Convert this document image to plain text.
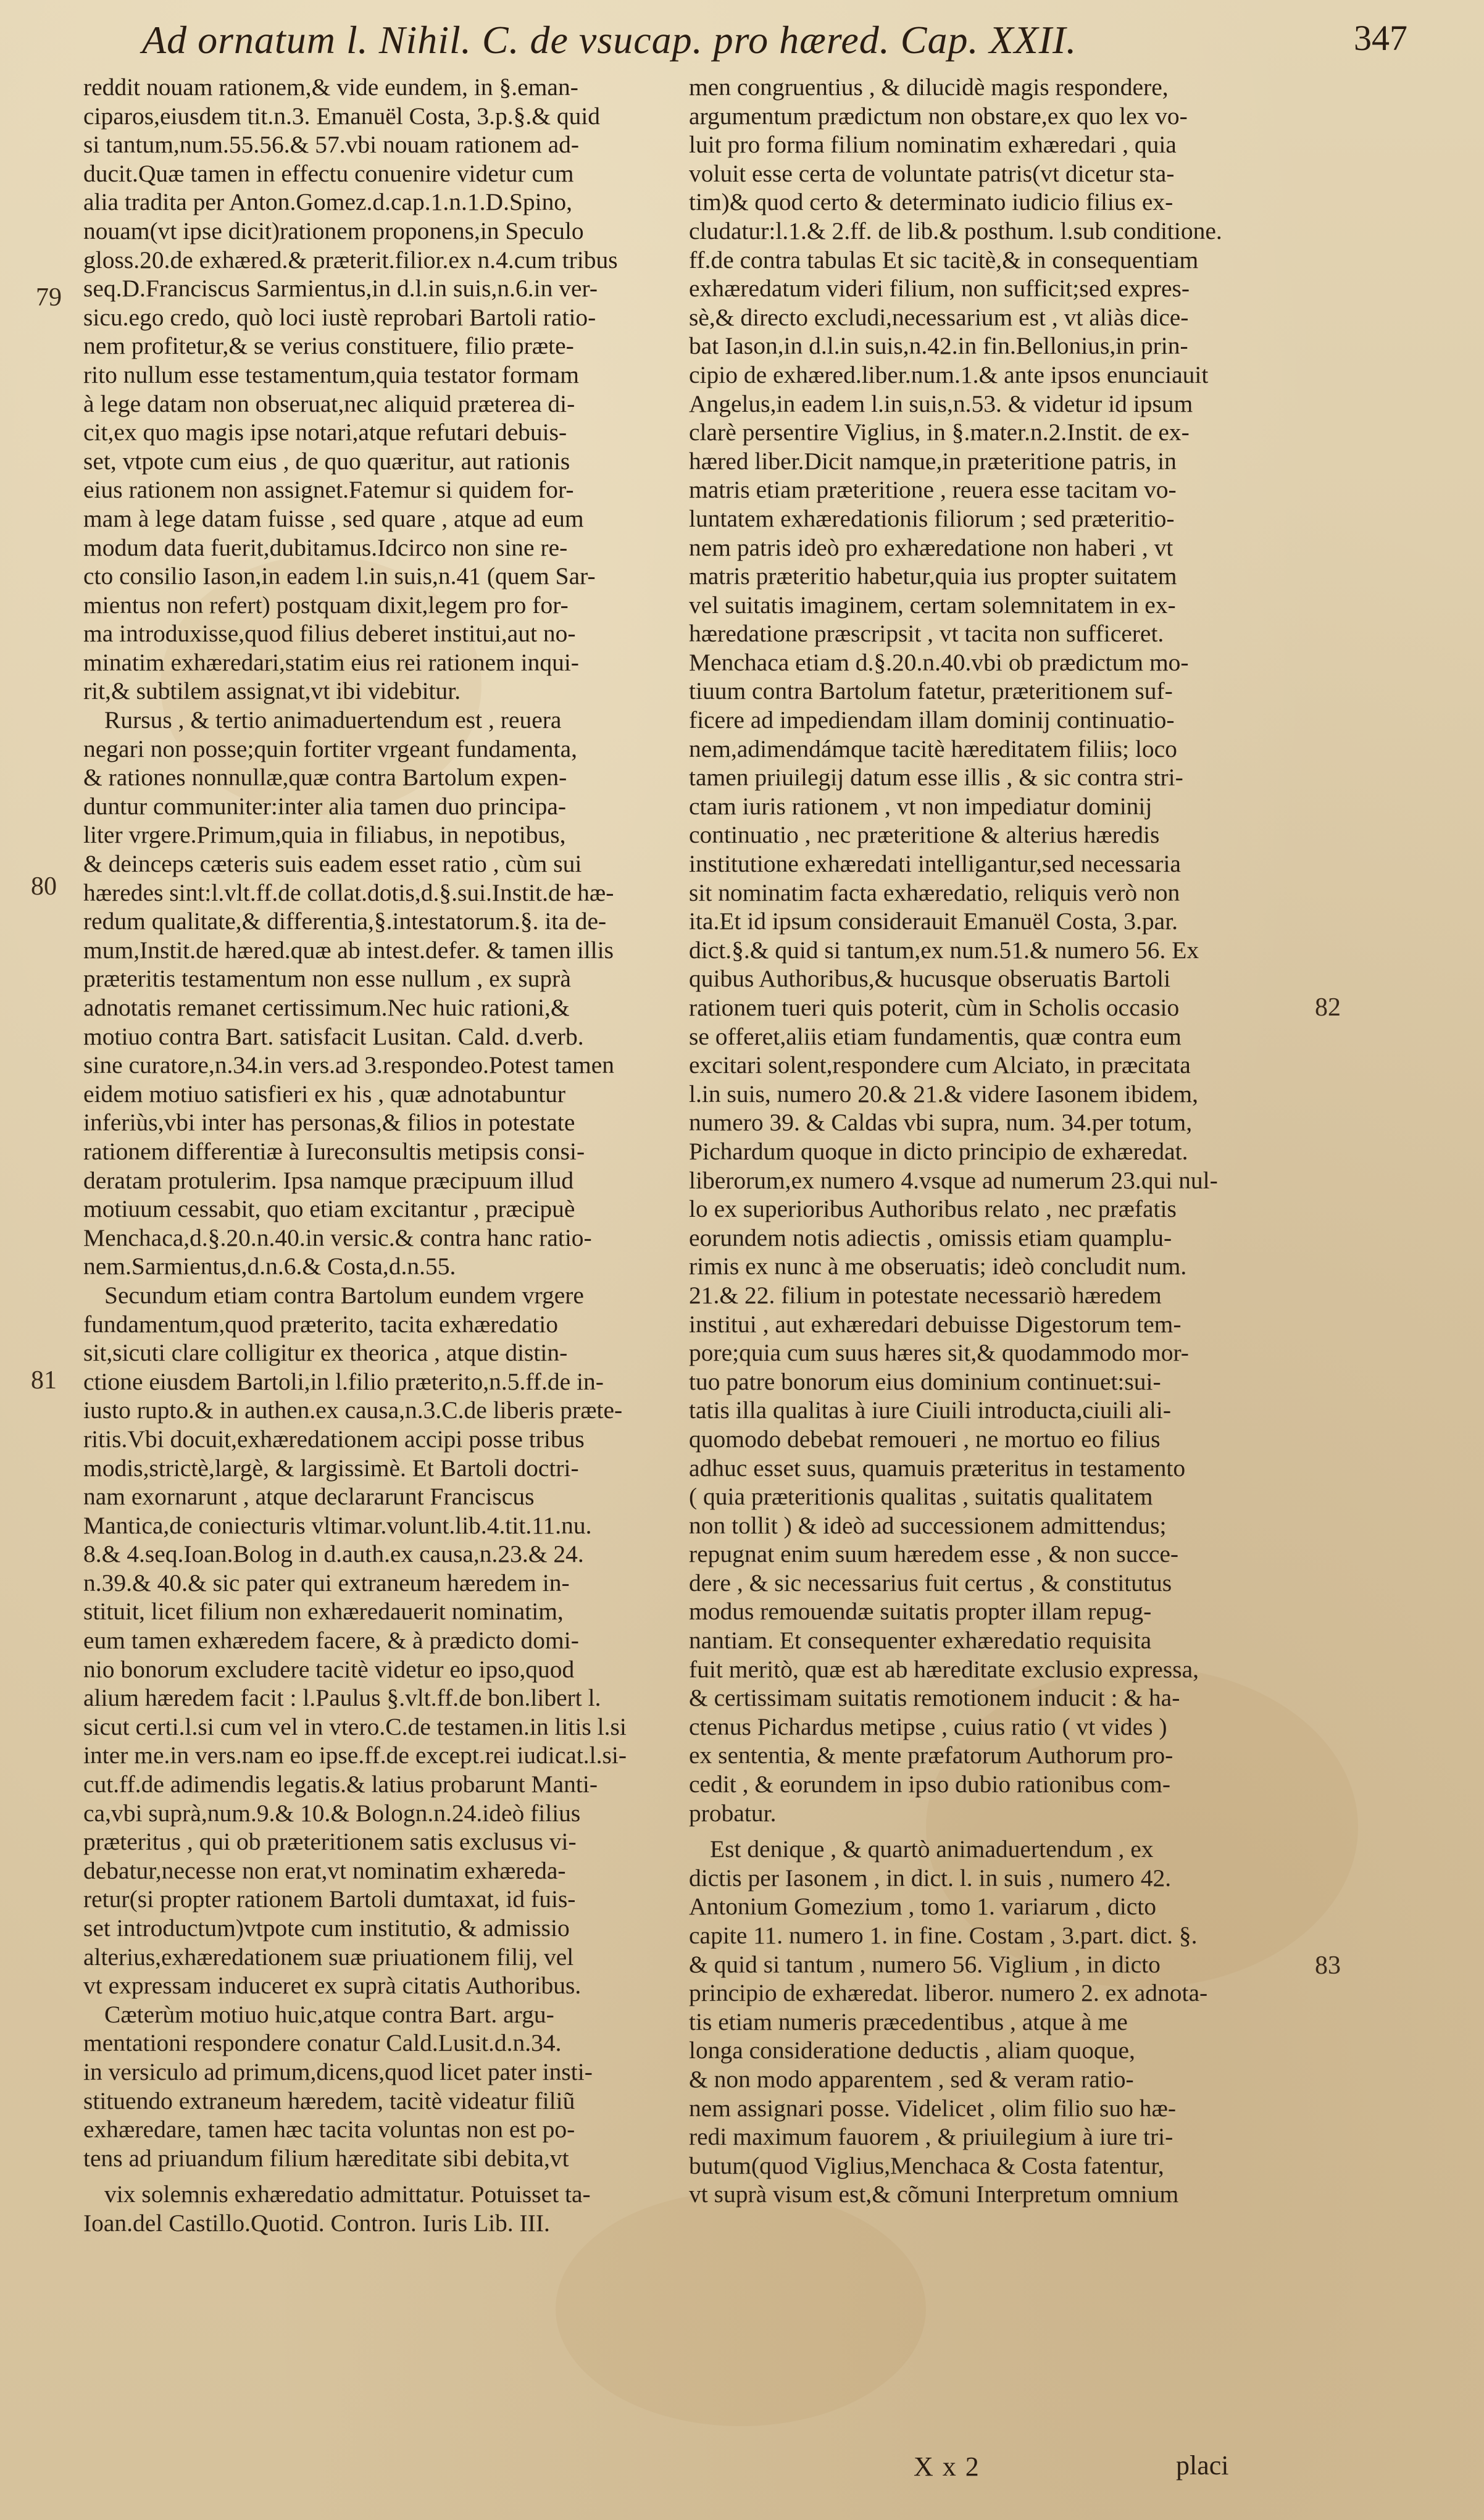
Ad ornatum l. Nihil. C. de vsucap. pro hæred. Cap. XXII.	347
79
80
81
82
83
reddit nouam rationem,& vide eundem, in §.eman-
ciparos,eiusdem tit.n.3. Emanuël Costa, 3.p.§.& quid
si tantum,num.55.56.& 57.vbi nouam rationem ad-
ducit.Quæ tamen in effectu conuenire videtur cum
alia tradita per Anton.Gomez.d.cap.1.n.1.D.Spino,
nouam(vt ipse dicit)rationem proponens,in Speculo
gloss.20.de exhæred.& præterit.filior.ex n.4.cum tribus
seq.D.Franciscus Sarmientus,in d.l.in suis,n.6.in ver-
sicu.ego credo, quò loci iustè reprobari Bartoli ratio-
nem profitetur,& se verius constituere, filio præte-
rito nullum esse testamentum,quia testator formam
à lege datam non obseruat,nec aliquid præterea di-
cit,ex quo magis ipse notari,atque refutari debuis-
set, vtpote cum eius , de quo quæritur, aut rationis
eius rationem non assignet.Fatemur si quidem for-
mam à lege datam fuisse , sed quare , atque ad eum
modum data fuerit,dubitamus.Idcirco non sine re-
cto consilio Iason,in eadem l.in suis,n.41 (quem Sar-
mientus non refert) postquam dixit,legem pro for-
ma introduxisse,quod filius deberet institui,aut no-
minatim exhæredari,statim eius rei rationem inqui-
rit,& subtilem assignat,vt ibi videbitur.
Rursus , & tertio animaduertendum est , reuera
negari non posse;quin fortiter vrgeant fundamenta,
& rationes nonnullæ,quæ contra Bartolum expen-
duntur communiter:inter alia tamen duo principa-
liter vrgere.Primum,quia in filiabus, in nepotibus,
& deinceps cæteris suis eadem esset ratio , cùm sui
hæredes sint:l.vlt.ff.de collat.dotis,d.§.sui.Instit.de hæ-
redum qualitate,& differentia,§.intestatorum.§. ita de-
mum,Instit.de hæred.quæ ab intest.defer. & tamen illis
præteritis testamentum non esse nullum , ex suprà
adnotatis remanet certissimum.Nec huic rationi,&
motiuo contra Bart. satisfacit Lusitan. Cald. d.verb.
sine curatore,n.34.in vers.ad 3.respondeo.Potest tamen
eidem motiuo satisfieri ex his , quæ adnotabuntur
inferiùs,vbi inter has personas,& filios in potestate
rationem differentiæ à Iureconsultis metipsis consi-
deratam protulerim. Ipsa namque præcipuum illud
motiuum cessabit, quo etiam excitantur , præcipuè
Menchaca,d.§.20.n.40.in versic.& contra hanc ratio-
nem.Sarmientus,d.n.6.& Costa,d.n.55.
Secundum etiam contra Bartolum eundem vrgere
fundamentum,quod præterito, tacita exhæredatio
sit,sicuti clare colligitur ex theorica , atque distin-
ctione eiusdem Bartoli,in l.filio præterito,n.5.ff.de in-
iusto rupto.& in authen.ex causa,n.3.C.de liberis præte-
ritis.Vbi docuit,exhæredationem accipi posse tribus
modis,strictè,largè, & largissimè. Et Bartoli doctri-
nam exornarunt , atque declararunt Franciscus
Mantica,de coniecturis vltimar.volunt.lib.4.tit.11.nu.
8.& 4.seq.Ioan.Bolog in d.auth.ex causa,n.23.& 24.
n.39.& 40.& sic pater qui extraneum hæredem in-
stituit, licet filium non exhæredauerit nominatim,
eum tamen exhæredem facere, & à prædicto domi-
nio bonorum excludere tacitè videtur eo ipso,quod
alium hæredem facit : l.Paulus §.vlt.ff.de bon.libert l.
sicut certi.l.si cum vel in vtero.C.de testamen.in litis l.si
inter me.in vers.nam eo ipse.ff.de except.rei iudicat.l.si-
cut.ff.de adimendis legatis.& latius probarunt Manti-
ca,vbi suprà,num.9.& 10.& Bologn.n.24.ideò filius
præteritus , qui ob præteritionem satis exclusus vi-
debatur,necesse non erat,vt nominatim exhæreda-
retur(si propter rationem Bartoli dumtaxat, id fuis-
set introductum)vtpote cum institutio, & admissio
alterius,exhæredationem suæ priuationem filij, vel
vt expressam induceret ex suprà citatis Authoribus.
Cæterùm motiuo huic,atque contra Bart. argu-
mentationi respondere conatur Cald.Lusit.d.n.34.
in versiculo ad primum,dicens,quod licet pater insti-
stituendo extraneum hæredem, tacitè videatur filiũ
exhæredare, tamen hæc tacita voluntas non est po-
tens ad priuandum filium hæreditate sibi debita,vt
vix solemnis exhæredatio admittatur. Potuisset ta-
Ioan.del Castillo.Quotid. Contron. Iuris Lib. III.
men congruentius , & dilucidè magis respondere,
argumentum prædictum non obstare,ex quo lex vo-
luit pro forma filium nominatim exhæredari , quia
voluit esse certa de voluntate patris(vt dicetur sta-
tim)& quod certo & determinato iudicio filius ex-
cludatur:l.1.& 2.ff. de lib.& posthum. l.sub conditione.
ff.de contra tabulas Et sic tacitè,& in consequentiam
exhæredatum videri filium, non sufficit;sed expres-
sè,& directo excludi,necessarium est , vt aliàs dice-
bat Iason,in d.l.in suis,n.42.in fin.Bellonius,in prin-
cipio de exhæred.liber.num.1.& ante ipsos enunciauit
Angelus,in eadem l.in suis,n.53. & videtur id ipsum
clarè persentire Viglius, in §.mater.n.2.Instit. de ex-
hæred liber.Dicit namque,in præteritione patris, in
matris etiam præteritione , reuera esse tacitam vo-
luntatem exhæredationis filiorum ; sed præteritio-
nem patris ideò pro exhæredatione non haberi , vt
matris præteritio habetur,quia ius propter suitatem
vel suitatis imaginem, certam solemnitatem in ex-
hæredatione præscripsit , vt tacita non sufficeret.
Menchaca etiam d.§.20.n.40.vbi ob prædictum mo-
tiuum contra Bartolum fatetur, præteritionem suf-
ficere ad impediendam illam dominij continuatio-
nem,adimendámque tacitè hæreditatem filiis; loco
tamen priuilegij datum esse illis , & sic contra stri-
ctam iuris rationem , vt non impediatur dominij
continuatio , nec præteritione & alterius hæredis
institutione exhæredati intelligantur,sed necessaria
sit nominatim facta exhæredatio, reliquis verò non
ita.Et id ipsum considerauit Emanuël Costa, 3.par.
dict.§.& quid si tantum,ex num.51.& numero 56. Ex
quibus Authoribus,& hucusque obseruatis Bartoli
rationem tueri quis poterit, cùm in Scholis occasio
se offeret,aliis etiam fundamentis, quæ contra eum
excitari solent,respondere cum Alciato, in præcitata
l.in suis, numero 20.& 21.& videre Iasonem ibidem,
numero 39. & Caldas vbi supra, num. 34.per totum,
Pichardum quoque in dicto principio de exhæredat.
liberorum,ex numero 4.vsque ad numerum 23.qui nul-
lo ex superioribus Authoribus relato , nec præfatis
eorundem notis adiectis , omissis etiam quamplu-
rimis ex nunc à me obseruatis; ideò concludit num.
21.& 22. filium in potestate necessariò hæredem
institui , aut exhæredari debuisse Digestorum tem-
pore;quia cum suus hæres sit,& quodammodo mor-
tuo patre bonorum eius dominium continuet:sui-
tatis illa qualitas à iure Ciuili introducta,ciuili ali-
quomodo debebat remoueri , ne mortuo eo filius
adhuc esset suus, quamuis præteritus in testamento
( quia præteritionis qualitas , suitatis qualitatem
non tollit ) & ideò ad successionem admittendus;
repugnat enim suum hæredem esse , & non succe-
dere , & sic necessarius fuit certus , & constitutus
modus remouendæ suitatis propter illam repug-
nantiam. Et consequenter exhæredatio requisita
fuit meritò, quæ est ab hæreditate exclusio expressa,
& certissimam suitatis remotionem inducit : & ha-
ctenus Pichardus metipse , cuius ratio ( vt vides )
ex sententia, & mente præfatorum Authorum pro-
cedit , & eorundem in ipso dubio rationibus com-
probatur.
Est denique , & quartò animaduertendum , ex
dictis per Iasonem , in dict. l. in suis , numero 42.
Antonium Gomezium , tomo 1. variarum , dicto
capite 11. numero 1. in fine. Costam , 3.part. dict. §.
& quid si tantum , numero 56. Viglium , in dicto
principio de exhæredat. liberor. numero 2. ex adnota-
tis etiam numeris præcedentibus , atque à me
longa consideratione deductis , aliam quoque,
& non modo apparentem , sed & veram ratio-
nem assignari posse. Videlicet , olim filio suo hæ-
redi maximum fauorem , & priuilegium à iure tri-
butum(quod Viglius,Menchaca & Costa fatentur,
vt suprà visum est,& cõmuni Interpretum omnium
X x 2	placi
